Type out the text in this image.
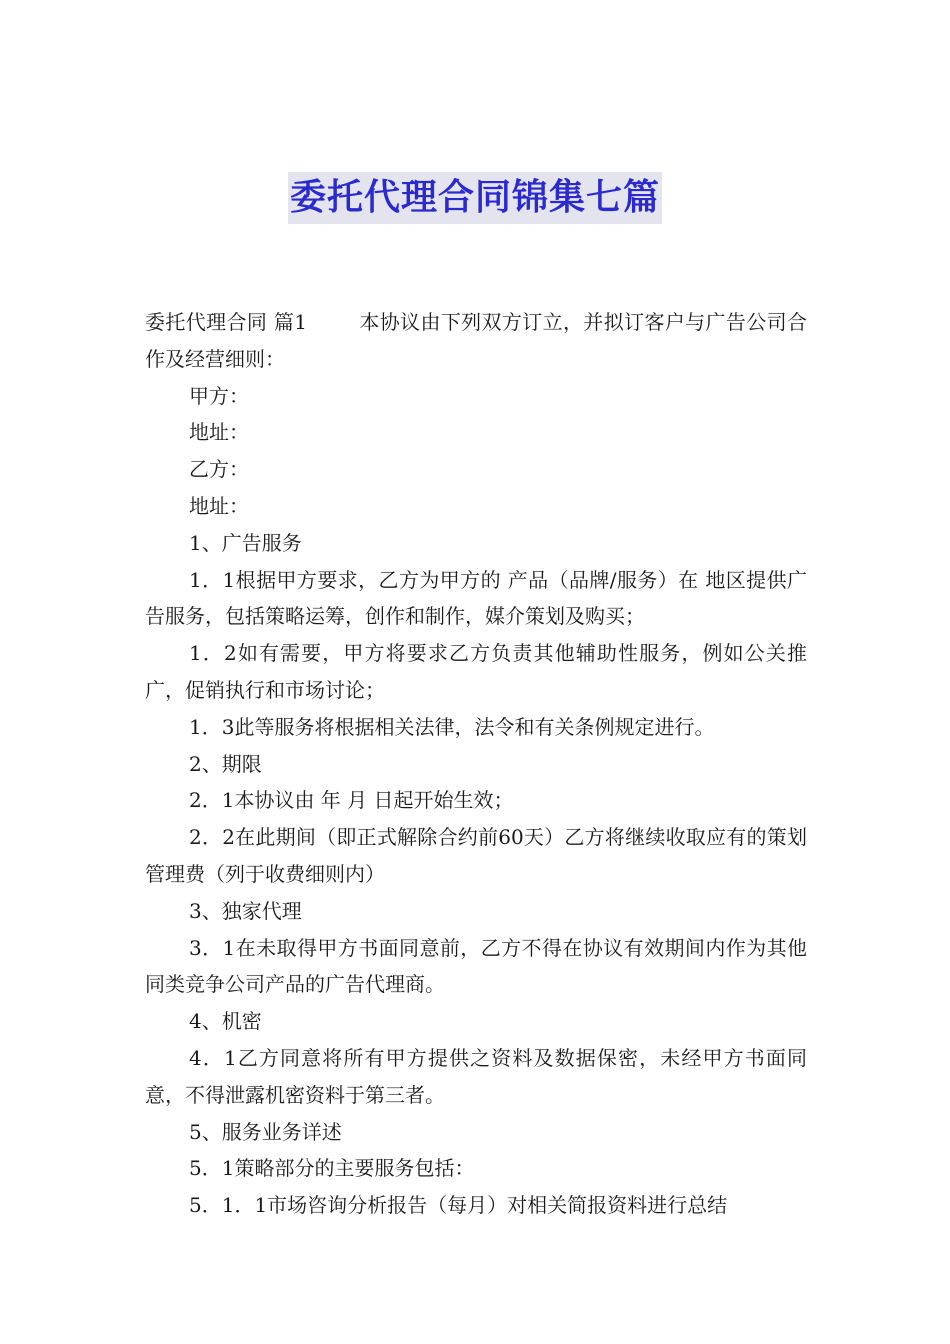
委托代理合同锦集七篇

委托代理合同 篇1	本协议由下列双方订立，并拟订客户与广告公司合作及经营细则：

甲方：

地址：

乙方：

地址：

1、广告服务

1．1根据甲方要求，乙方为甲方的 产品（品牌/服务）在 地区提供广告服务，包括策略运筹，创作和制作，媒介策划及购买；

1．2如有需要，甲方将要求乙方负责其他辅助性服务，例如公关推广，促销执行和市场讨论；

1．3此等服务将根据相关法律，法令和有关条例规定进行。

2、期限

2．1本协议由 年 月 日起开始生效；

2．2在此期间（即正式解除合约前60天）乙方将继续收取应有的策划管理费（列于收费细则内）

3、独家代理

3．1在未取得甲方书面同意前，乙方不得在协议有效期间内作为其他同类竞争公司产品的广告代理商。

4、机密

4．1乙方同意将所有甲方提供之资料及数据保密，未经甲方书面同意，不得泄露机密资料于第三者。

5、服务业务详述

5．1策略部分的主要服务包括：

5．1．1市场咨询分析报告（每月）对相关简报资料进行总结
